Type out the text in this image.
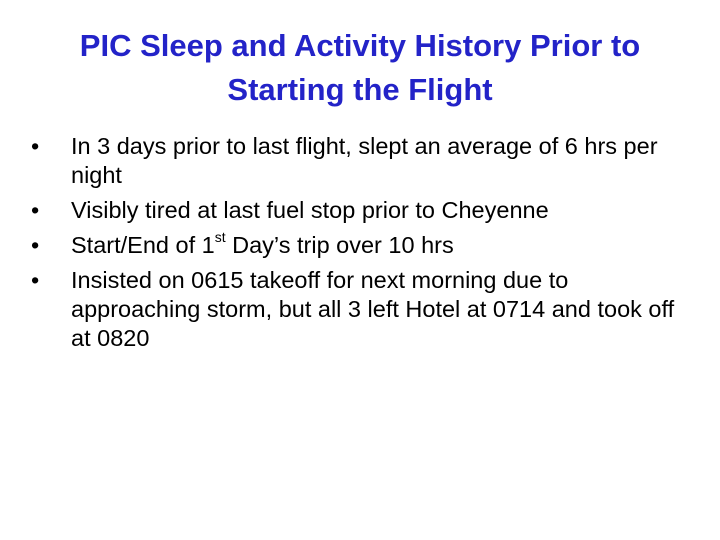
PIC Sleep and Activity History Prior to
Starting the Flight
•	In 3 days prior to last flight, slept an average of 6 hrs per night
•	Visibly tired at last fuel stop prior to Cheyenne
•	Start/End of 1st Day’s trip over 10 hrs
•	Insisted on 0615 takeoff for next morning due to approaching storm, but all 3 left Hotel at 0714 and took off at 0820
